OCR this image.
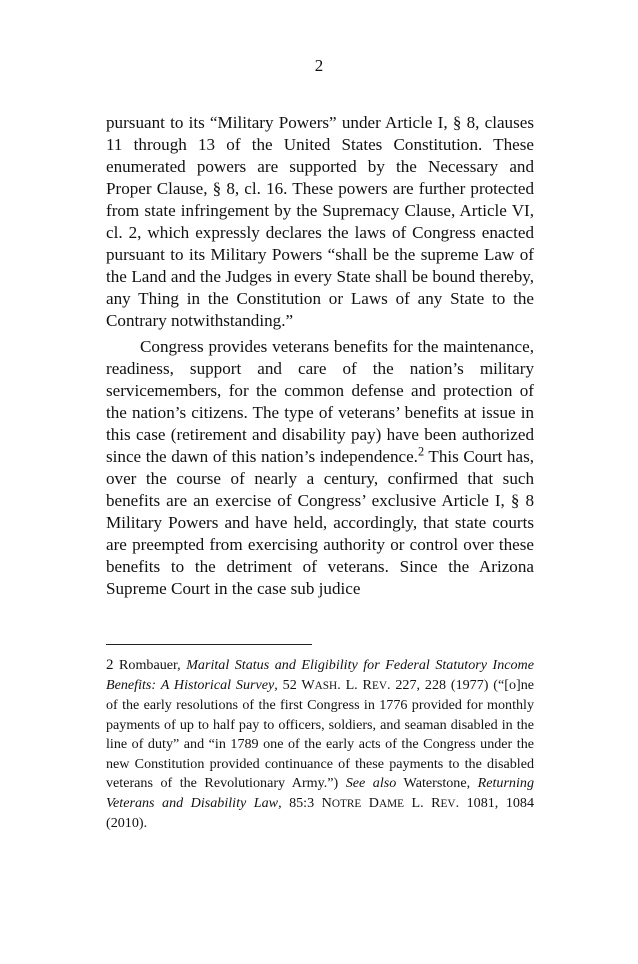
2

pursuant to its “Military Powers” under Article I, § 8, clauses 11 through 13 of the United States Constitution. These enumerated powers are supported by the Necessary and Proper Clause, § 8, cl. 16. These powers are further protected from state infringement by the Supremacy Clause, Article VI, cl. 2, which expressly declares the laws of Congress enacted pursuant to its Military Powers “shall be the supreme Law of the Land and the Judges in every State shall be bound thereby, any Thing in the Constitution or Laws of any State to the Contrary notwithstanding.”

Congress provides veterans benefits for the maintenance, readiness, support and care of the nation’s military servicemembers, for the common defense and protection of the nation’s citizens. The type of veterans’ benefits at issue in this case (retirement and disability pay) have been authorized since the dawn of this nation’s independence.$^2$ This Court has, over the course of nearly a century, confirmed that such benefits are an exercise of Congress’ exclusive Article I, § 8 Military Powers and have held, accordingly, that state courts are preempted from exercising authority or control over these benefits to the detriment of veterans. Since the Arizona Supreme Court in the case sub judice

2 Rombauer, Marital Status and Eligibility for Federal Statutory Income Benefits: A Historical Survey, 52 WASH. L. REV. 227, 228 (1977) (“[o]ne of the early resolutions of the first Congress in 1776 provided for monthly payments of up to half pay to officers, soldiers, and seaman disabled in the line of duty” and “in 1789 one of the early acts of the Congress under the new Constitution provided continuance of these payments to the disabled veterans of the Revolutionary Army.”) See also Waterstone, Returning Veterans and Disability Law, 85:3 NOTRE DAME L. REV. 1081, 1084 (2010).
